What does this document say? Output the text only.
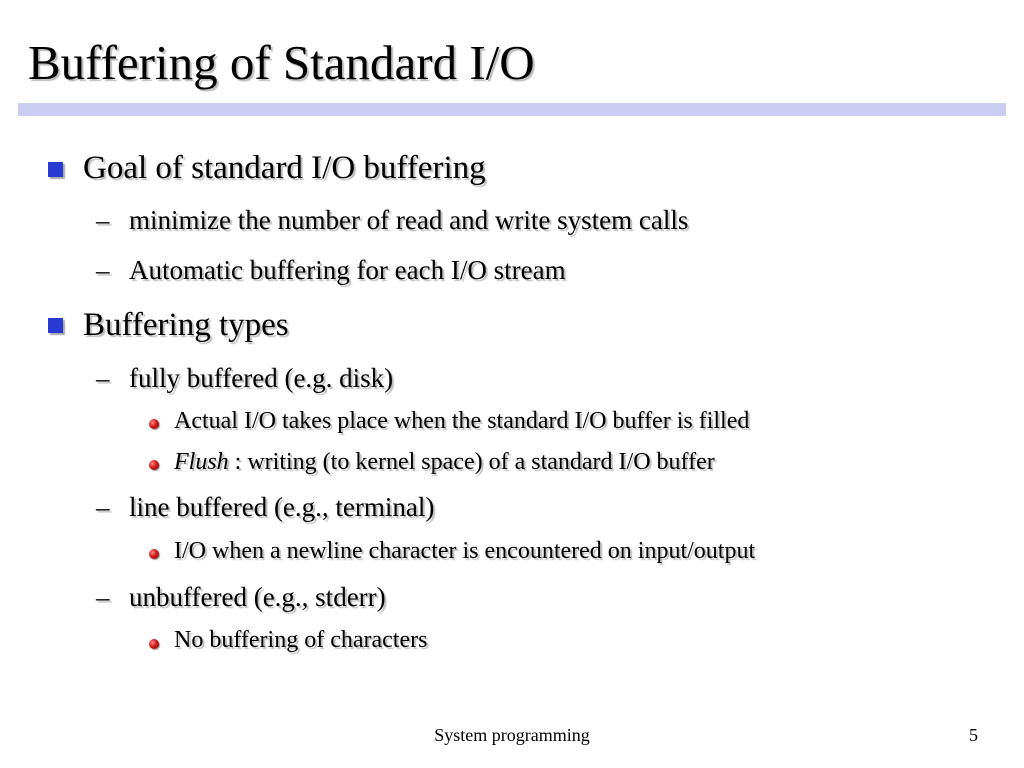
Buffering of Standard I/O
Goal of standard I/O buffering
– minimize the number of read and write system calls
– Automatic buffering for each I/O stream
Buffering types
– fully buffered (e.g. disk)
Actual I/O takes place when the standard I/O buffer is filled
Flush : writing (to kernel space) of a standard I/O buffer
– line buffered (e.g., terminal)
I/O when a newline character is encountered on input/output
– unbuffered (e.g., stderr)
No buffering of characters
System programming	5
